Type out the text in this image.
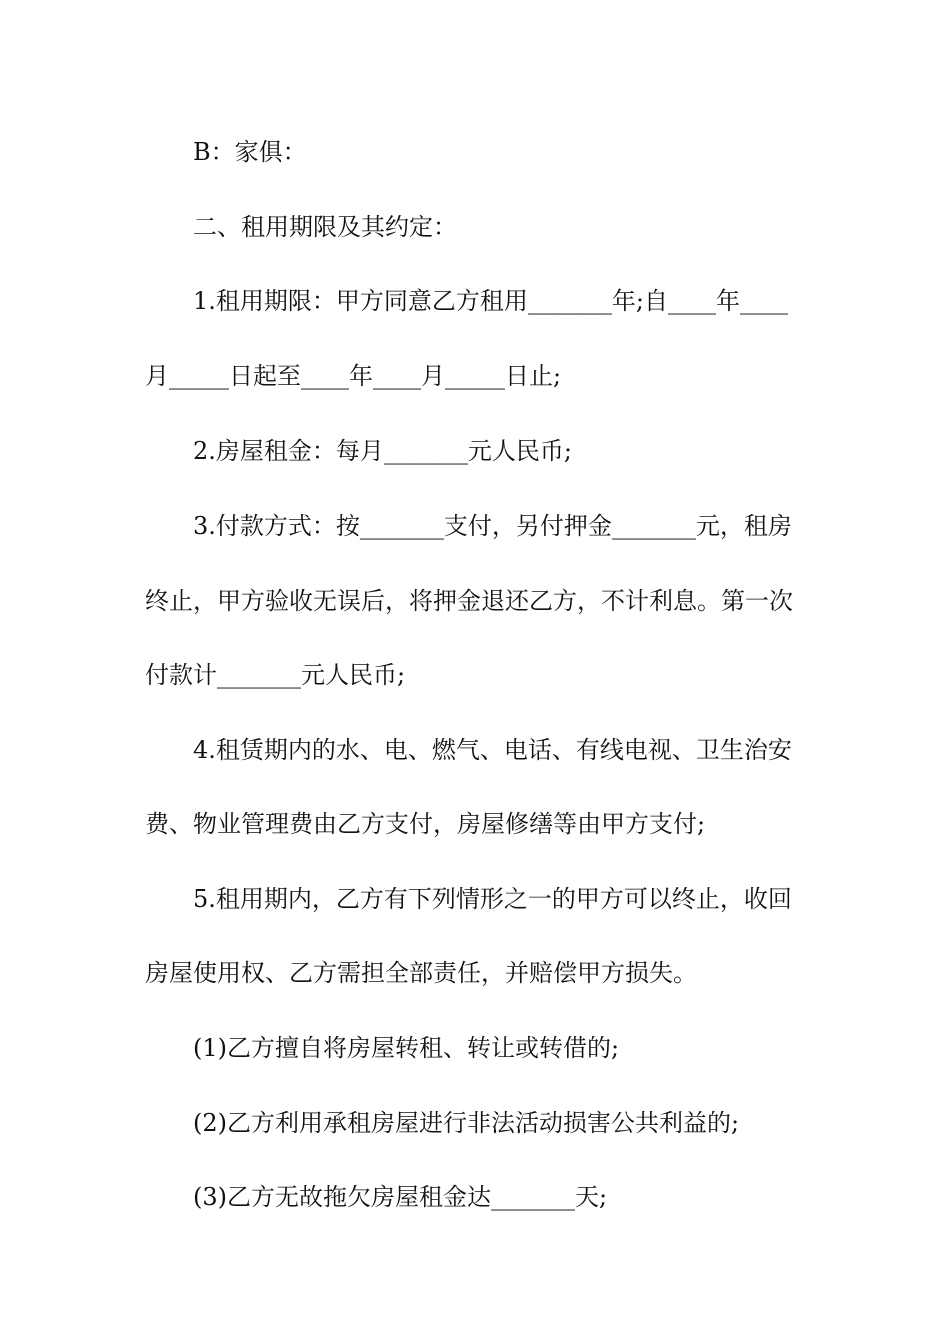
B：家俱：
二、租用期限及其约定：
1.租用期限：甲方同意乙方租用_______年;自____年____
月_____日起至____年____月_____日止;
2.房屋租金：每月_______元人民币;
3.付款方式：按_______支付，另付押金_______元，租房
终止，甲方验收无误后，将押金退还乙方，不计利息。第一次
付款计_______元人民币;
4.租赁期内的水、电、燃气、电话、有线电视、卫生治安
费、物业管理费由乙方支付，房屋修缮等由甲方支付;
5.租用期内，乙方有下列情形之一的甲方可以终止，收回
房屋使用权、乙方需担全部责任，并赔偿甲方损失。
(1)乙方擅自将房屋转租、转让或转借的;
(2)乙方利用承租房屋进行非法活动损害公共利益的;
(3)乙方无故拖欠房屋租金达_______天;
